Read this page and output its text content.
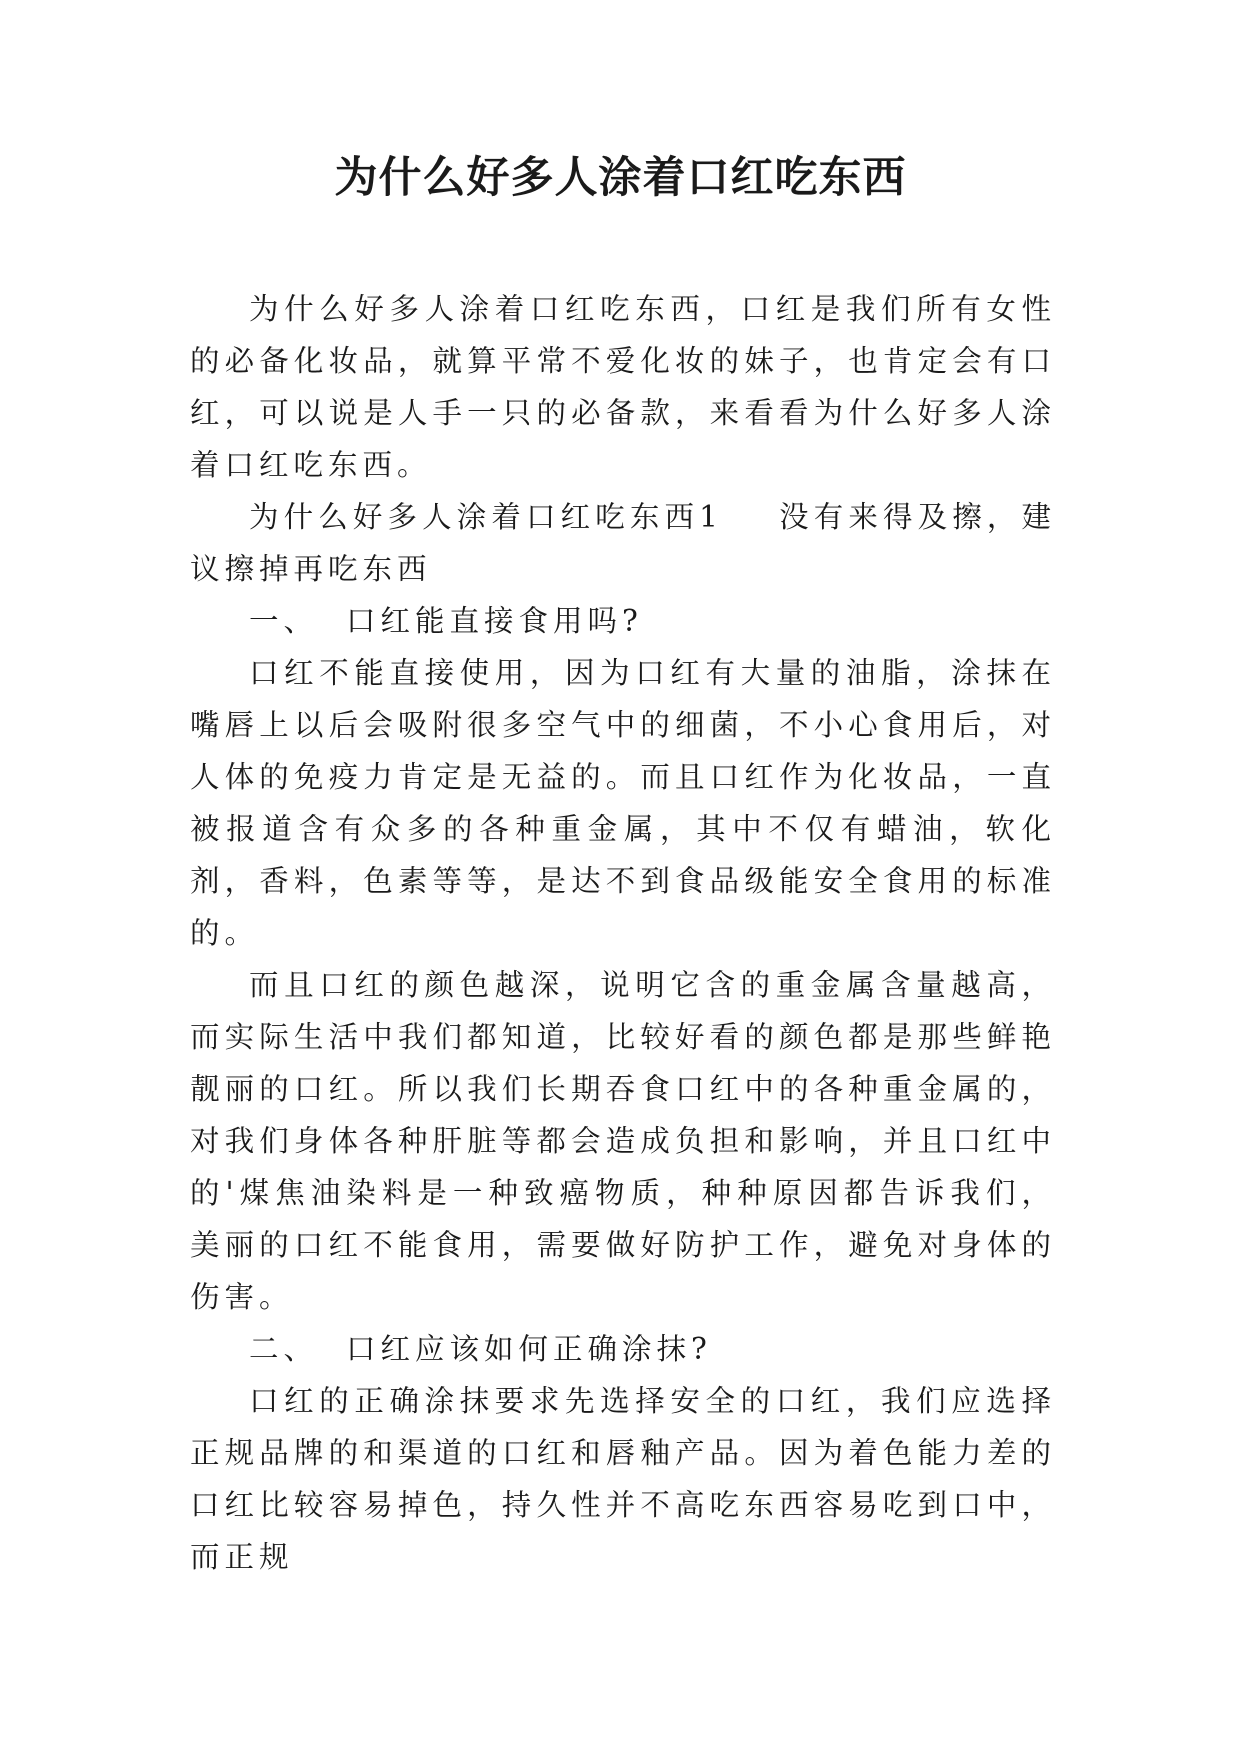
为什么好多人涂着口红吃东西

为什么好多人涂着口红吃东西，口红是我们所有女性的必备化妆品，就算平常不爱化妆的妹子，也肯定会有口红，可以说是人手一只的必备款，来看看为什么好多人涂着口红吃东西。

为什么好多人涂着口红吃东西1 没有来得及擦，建议擦掉再吃东西

一、 口红能直接食用吗?

口红不能直接使用，因为口红有大量的油脂，涂抹在嘴唇上以后会吸附很多空气中的细菌，不小心食用后，对人体的免疫力肯定是无益的。而且口红作为化妆品，一直被报道含有众多的各种重金属，其中不仅有蜡油，软化剂，香料，色素等等，是达不到食品级能安全食用的标准的。

而且口红的颜色越深，说明它含的重金属含量越高，而实际生活中我们都知道，比较好看的颜色都是那些鲜艳靓丽的口红。所以我们长期吞食口红中的各种重金属的，对我们身体各种肝脏等都会造成负担和影响，并且口红中的'煤焦油染料是一种致癌物质，种种原因都告诉我们，美丽的口红不能食用，需要做好防护工作，避免对身体的伤害。

二、 口红应该如何正确涂抹?

口红的正确涂抹要求先选择安全的口红，我们应选择正规品牌的和渠道的口红和唇釉产品。因为着色能力差的口红比较容易掉色，持久性并不高吃东西容易吃到口中，而正规
